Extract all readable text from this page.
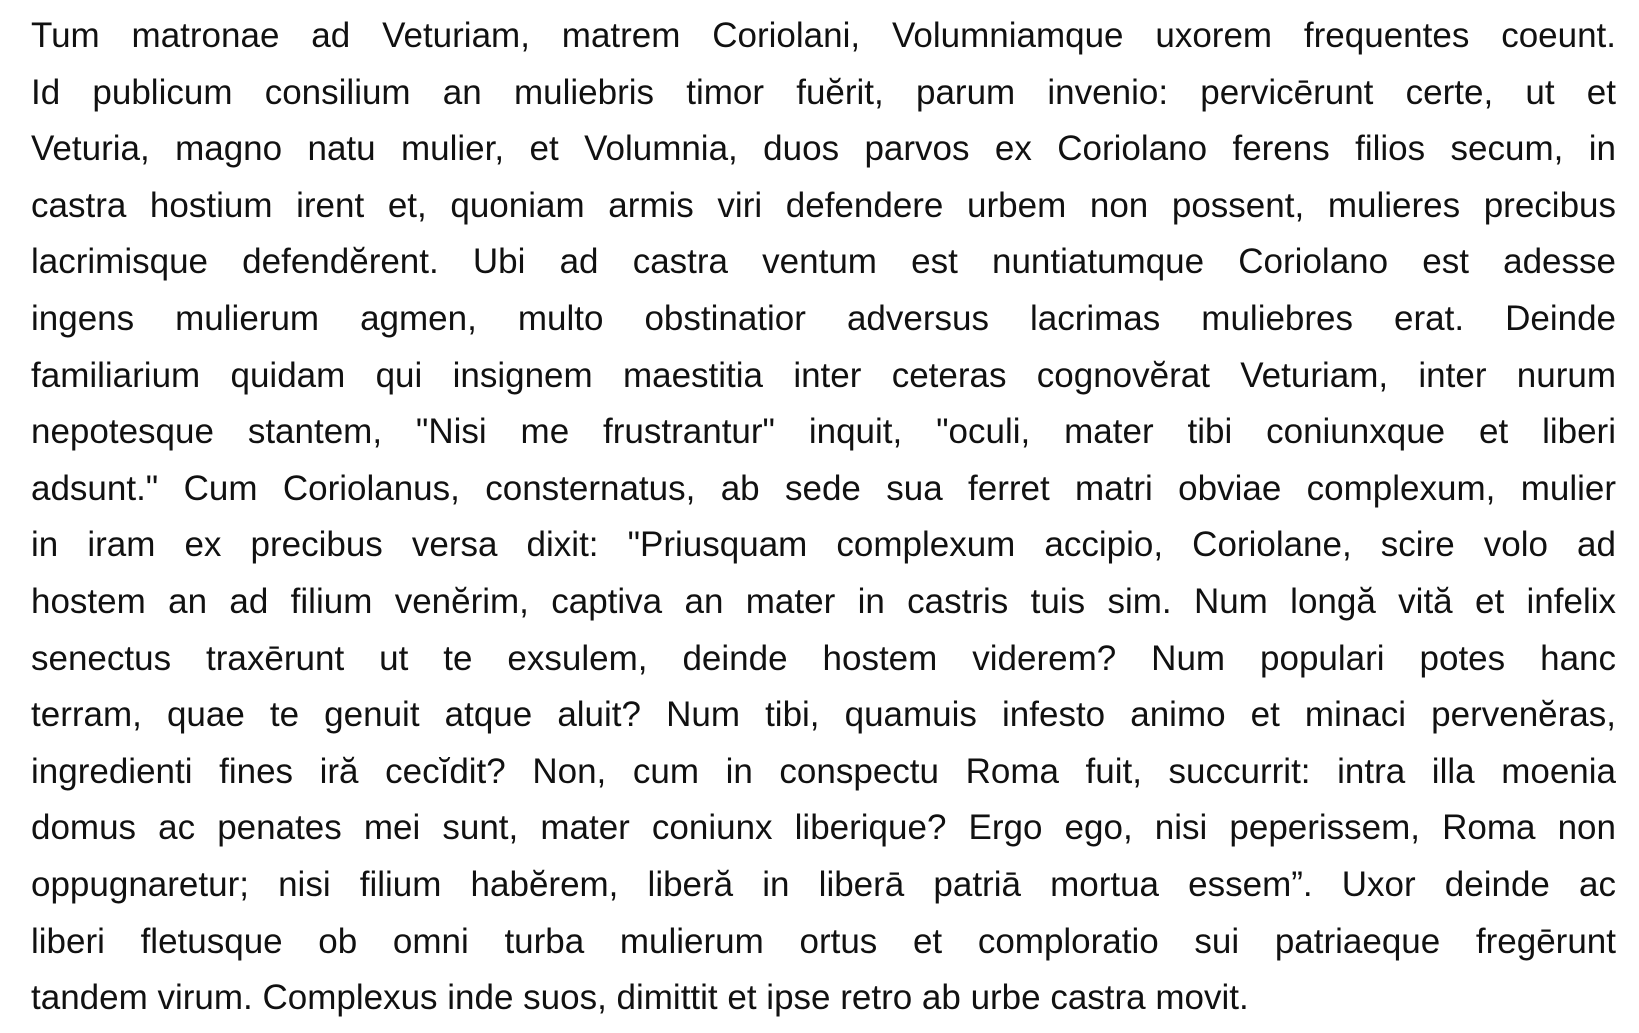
Tum matronae ad Veturiam, matrem Coriolani, Volumniamque uxorem frequentes coeunt.
Id publicum consilium an muliebris timor fuĕrit, parum invenio: pervicērunt certe, ut et
Veturia, magno natu mulier, et Volumnia, duos parvos ex Coriolano ferens filios secum, in
castra hostium irent et, quoniam armis viri defendere urbem non possent, mulieres precibus
lacrimisque defendĕrent. Ubi ad castra ventum est nuntiatumque Coriolano est adesse
ingens mulierum agmen, multo obstinatior adversus lacrimas muliebres erat. Deinde
familiarium quidam qui insignem maestitia inter ceteras cognovĕrat Veturiam, inter nurum
nepotesque stantem, "Nisi me frustrantur" inquit, "oculi, mater tibi coniunxque et liberi
adsunt." Cum Coriolanus, consternatus, ab sede sua ferret matri obviae complexum, mulier
in iram ex precibus versa dixit: "Priusquam complexum accipio, Coriolane, scire volo ad
hostem an ad filium venĕrim, captiva an mater in castris tuis sim. Num longă vită et infelix
senectus traxērunt ut te exsulem, deinde hostem viderem? Num populari potes hanc
terram, quae te genuit atque aluit? Num tibi, quamuis infesto animo et minaci pervenĕras,
ingredienti fines iră cecĭdit? Non, cum in conspectu Roma fuit, succurrit: intra illa moenia
domus ac penates mei sunt, mater coniunx liberique? Ergo ego, nisi peperissem, Roma non
oppugnaretur; nisi filium habĕrem, liberă in liberā patriā mortua essem”. Uxor deinde ac
liberi fletusque ob omni turba mulierum ortus et comploratio sui patriaeque fregērunt
tandem virum. Complexus inde suos, dimittit et ipse retro ab urbe castra movit.
